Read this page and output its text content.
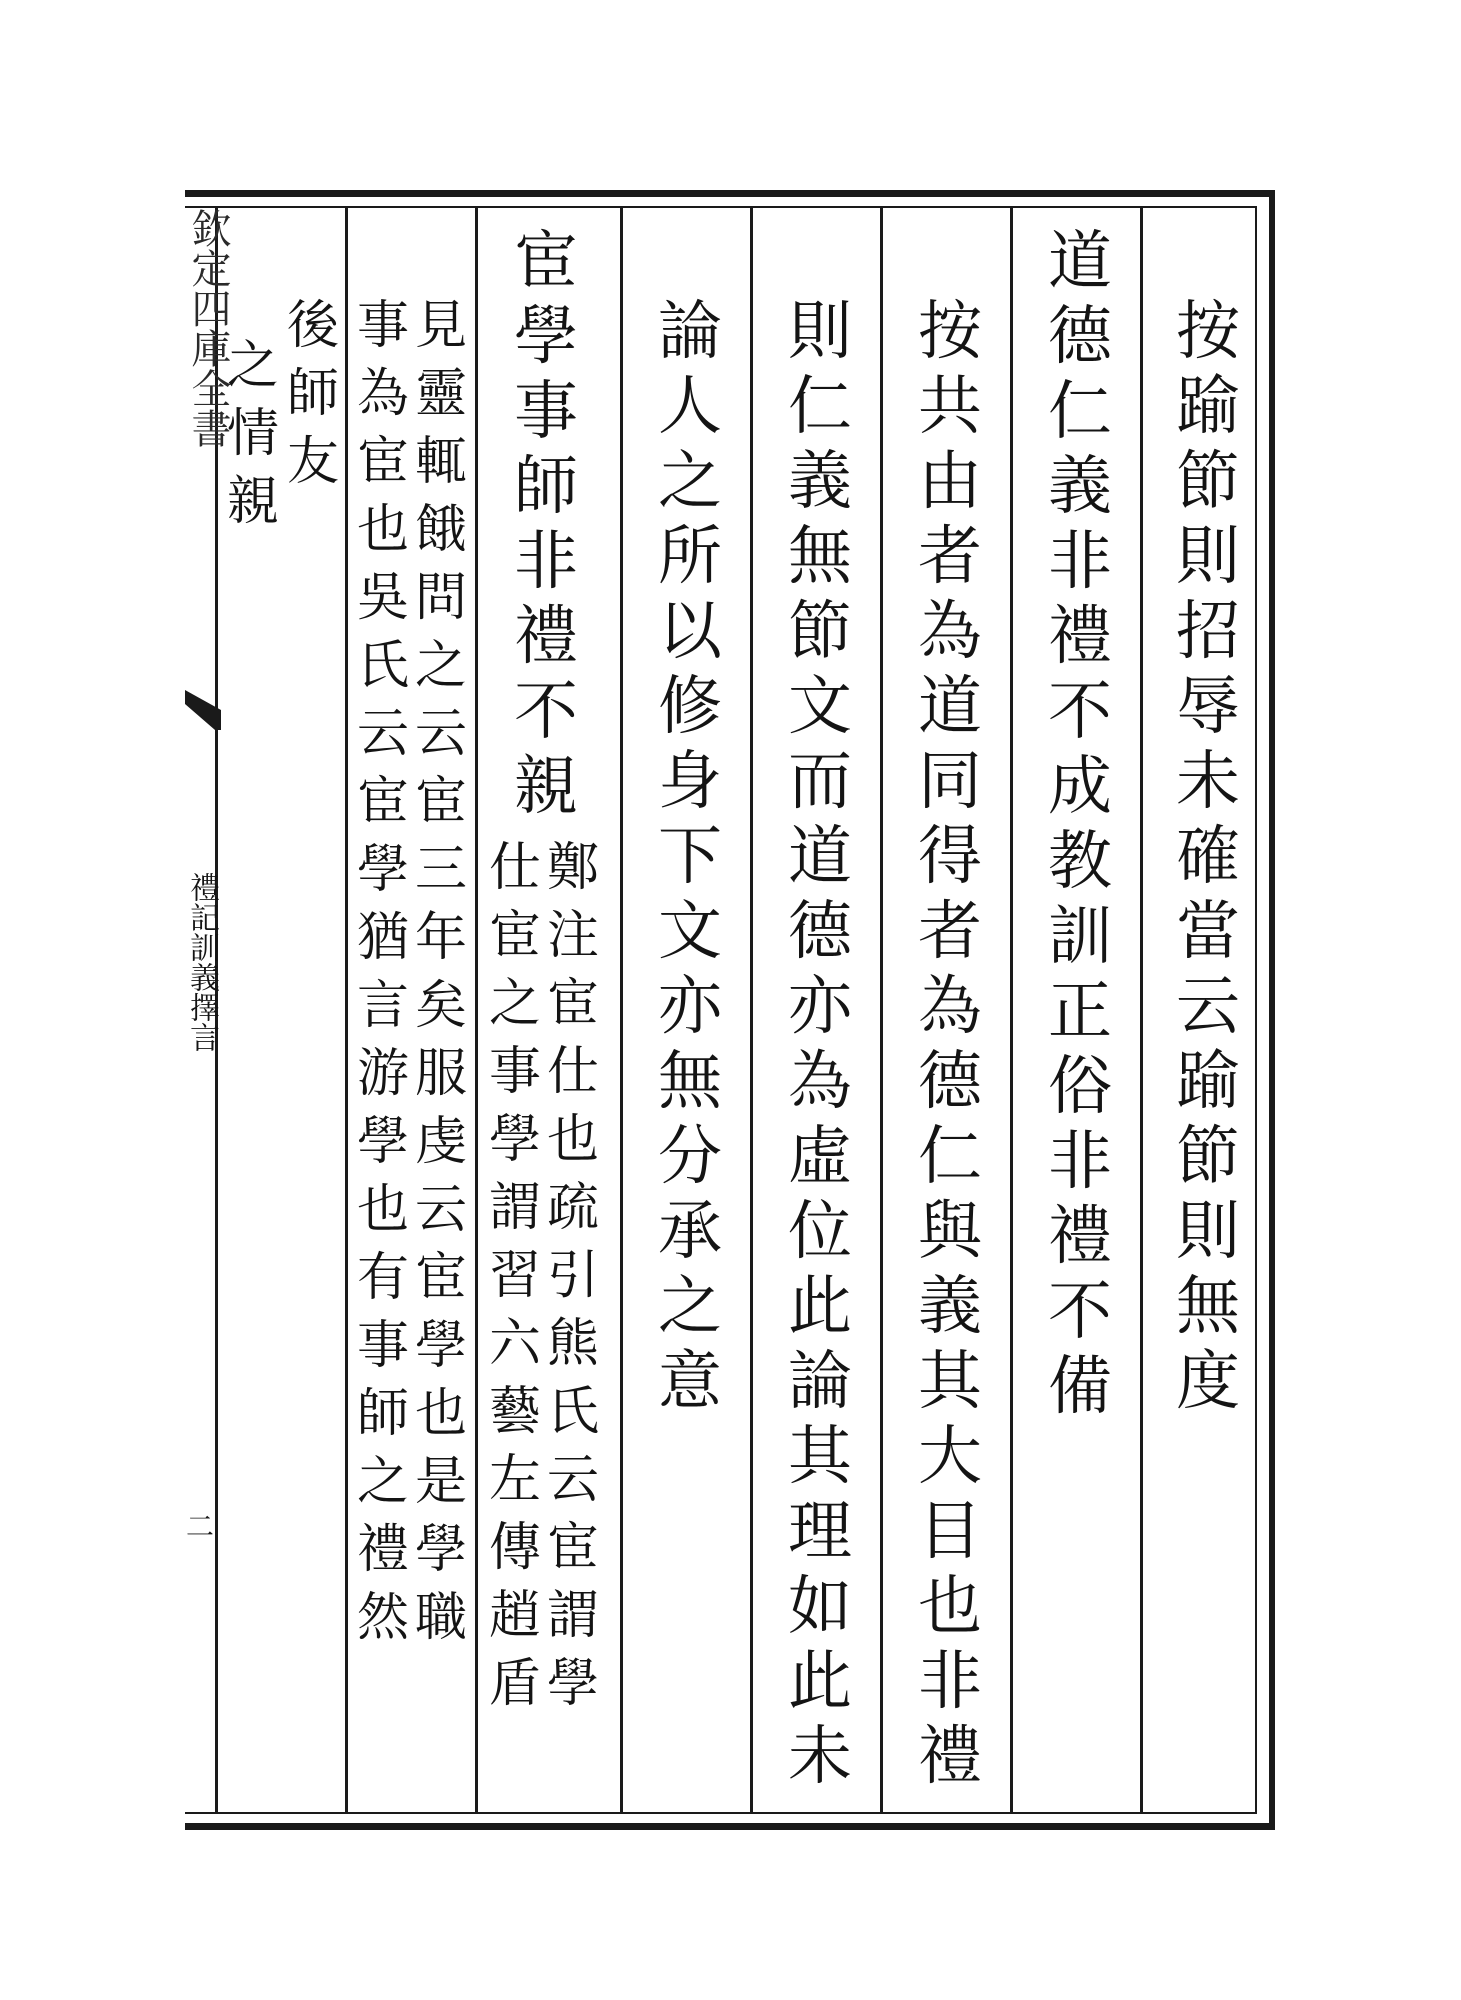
欽定四庫全書
禮記訓義擇言
二
按
踰
節
則
招
辱
未
確
當
云
踰
節
則
無
度
道
德
仁
義
非
禮
不
成
教
訓
正
俗
非
禮
不
備
按
共
由
者
為
道
同
得
者
為
德
仁
與
義
其
大
目
也
非
禮
則
仁
義
無
節
文
而
道
德
亦
為
虛
位
此
論
其
理
如
此
未
論
人
之
所
以
修
身
下
文
亦
無
分
承
之
意
宦
學
事
師
非
禮
不
親
鄭
注
宦
仕
也
疏
引
熊
氏
云
宦
謂
學
仕
宦
之
事
學
謂
習
六
藝
左
傳
趙
盾
見
靈
輒
餓
問
之
云
宦
三
年
矣
服
虔
云
宦
學
也
是
學
職
事
為
宦
也
吳
氏
云
宦
學
猶
言
游
學
也
有
事
師
之
禮
然
後
師
友
之
情
親
